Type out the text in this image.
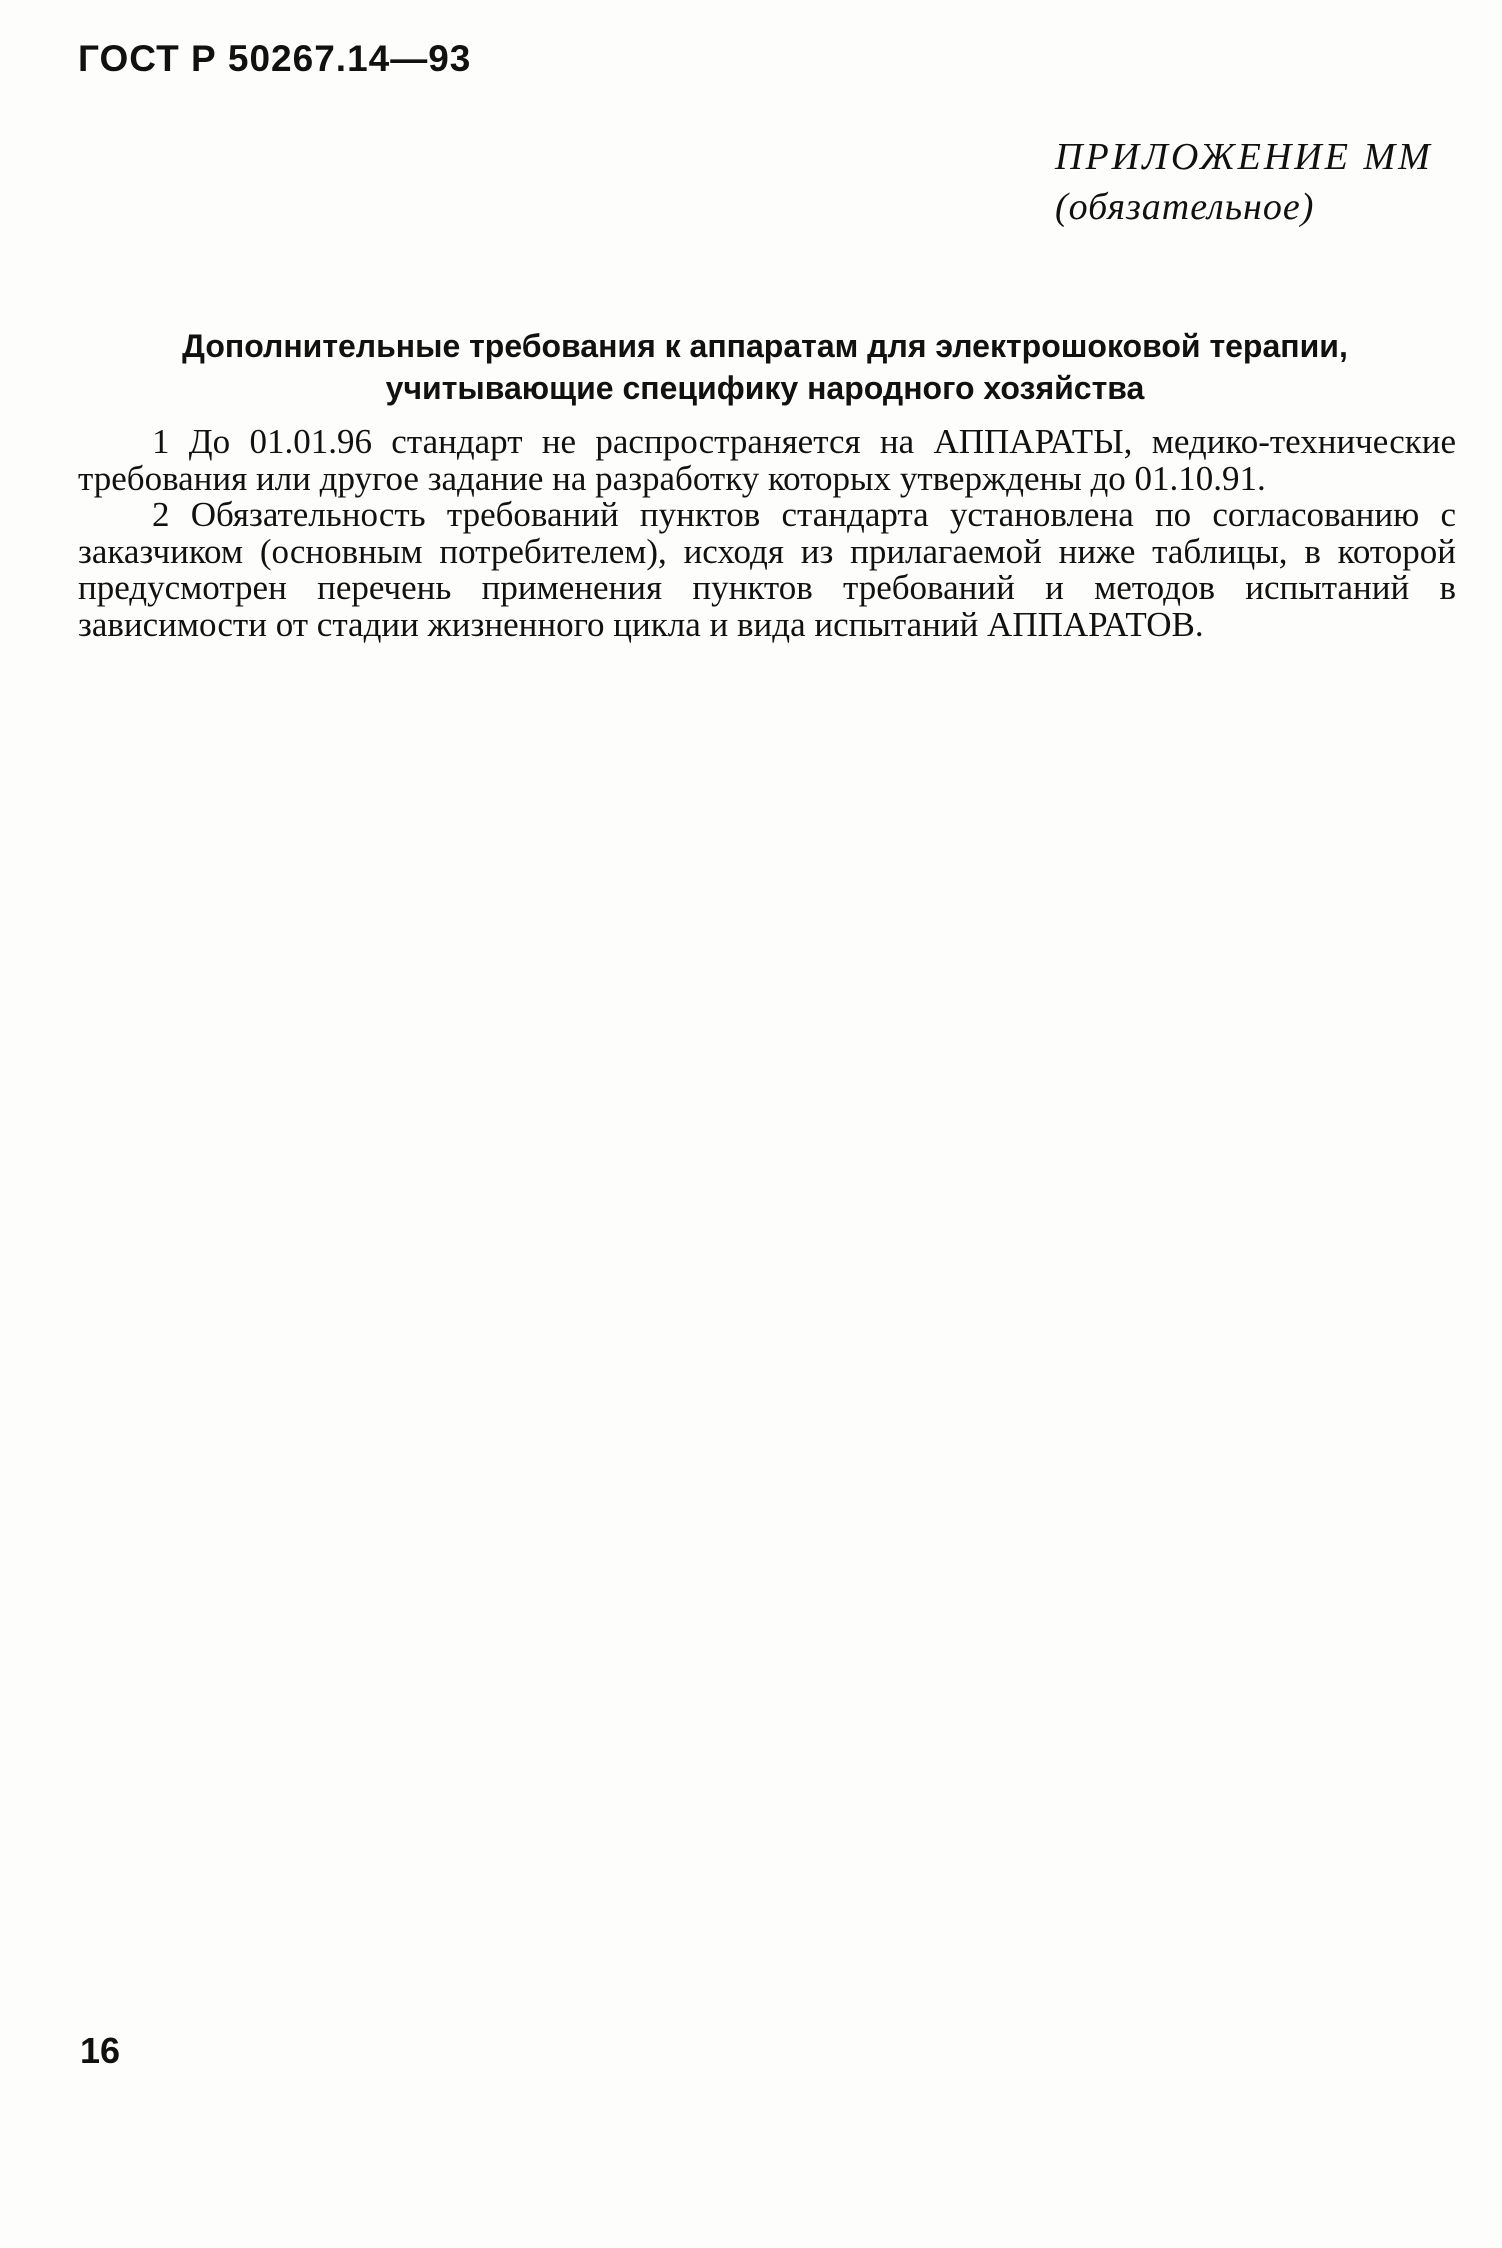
ГОСТ Р 50267.14—93
ПРИЛОЖЕНИЕ ММ
(обязательное)
Дополнительные требования к аппаратам для электрошоковой терапии,
учитывающие специфику народного хозяйства

1 До 01.01.96 стандарт не распространяется на АППАРАТЫ, медико-технические требования или другое задание на разработку которых утверждены до 01.10.91.

2 Обязательность требований пунктов стандарта установлена по согласованию с заказчиком (основным потребителем), исходя из прилагаемой ниже таблицы, в которой предусмотрен перечень применения пунктов требований и методов испытаний в зависимости от стадии жизненного цикла и вида испытаний АППАРАТОВ.

16
